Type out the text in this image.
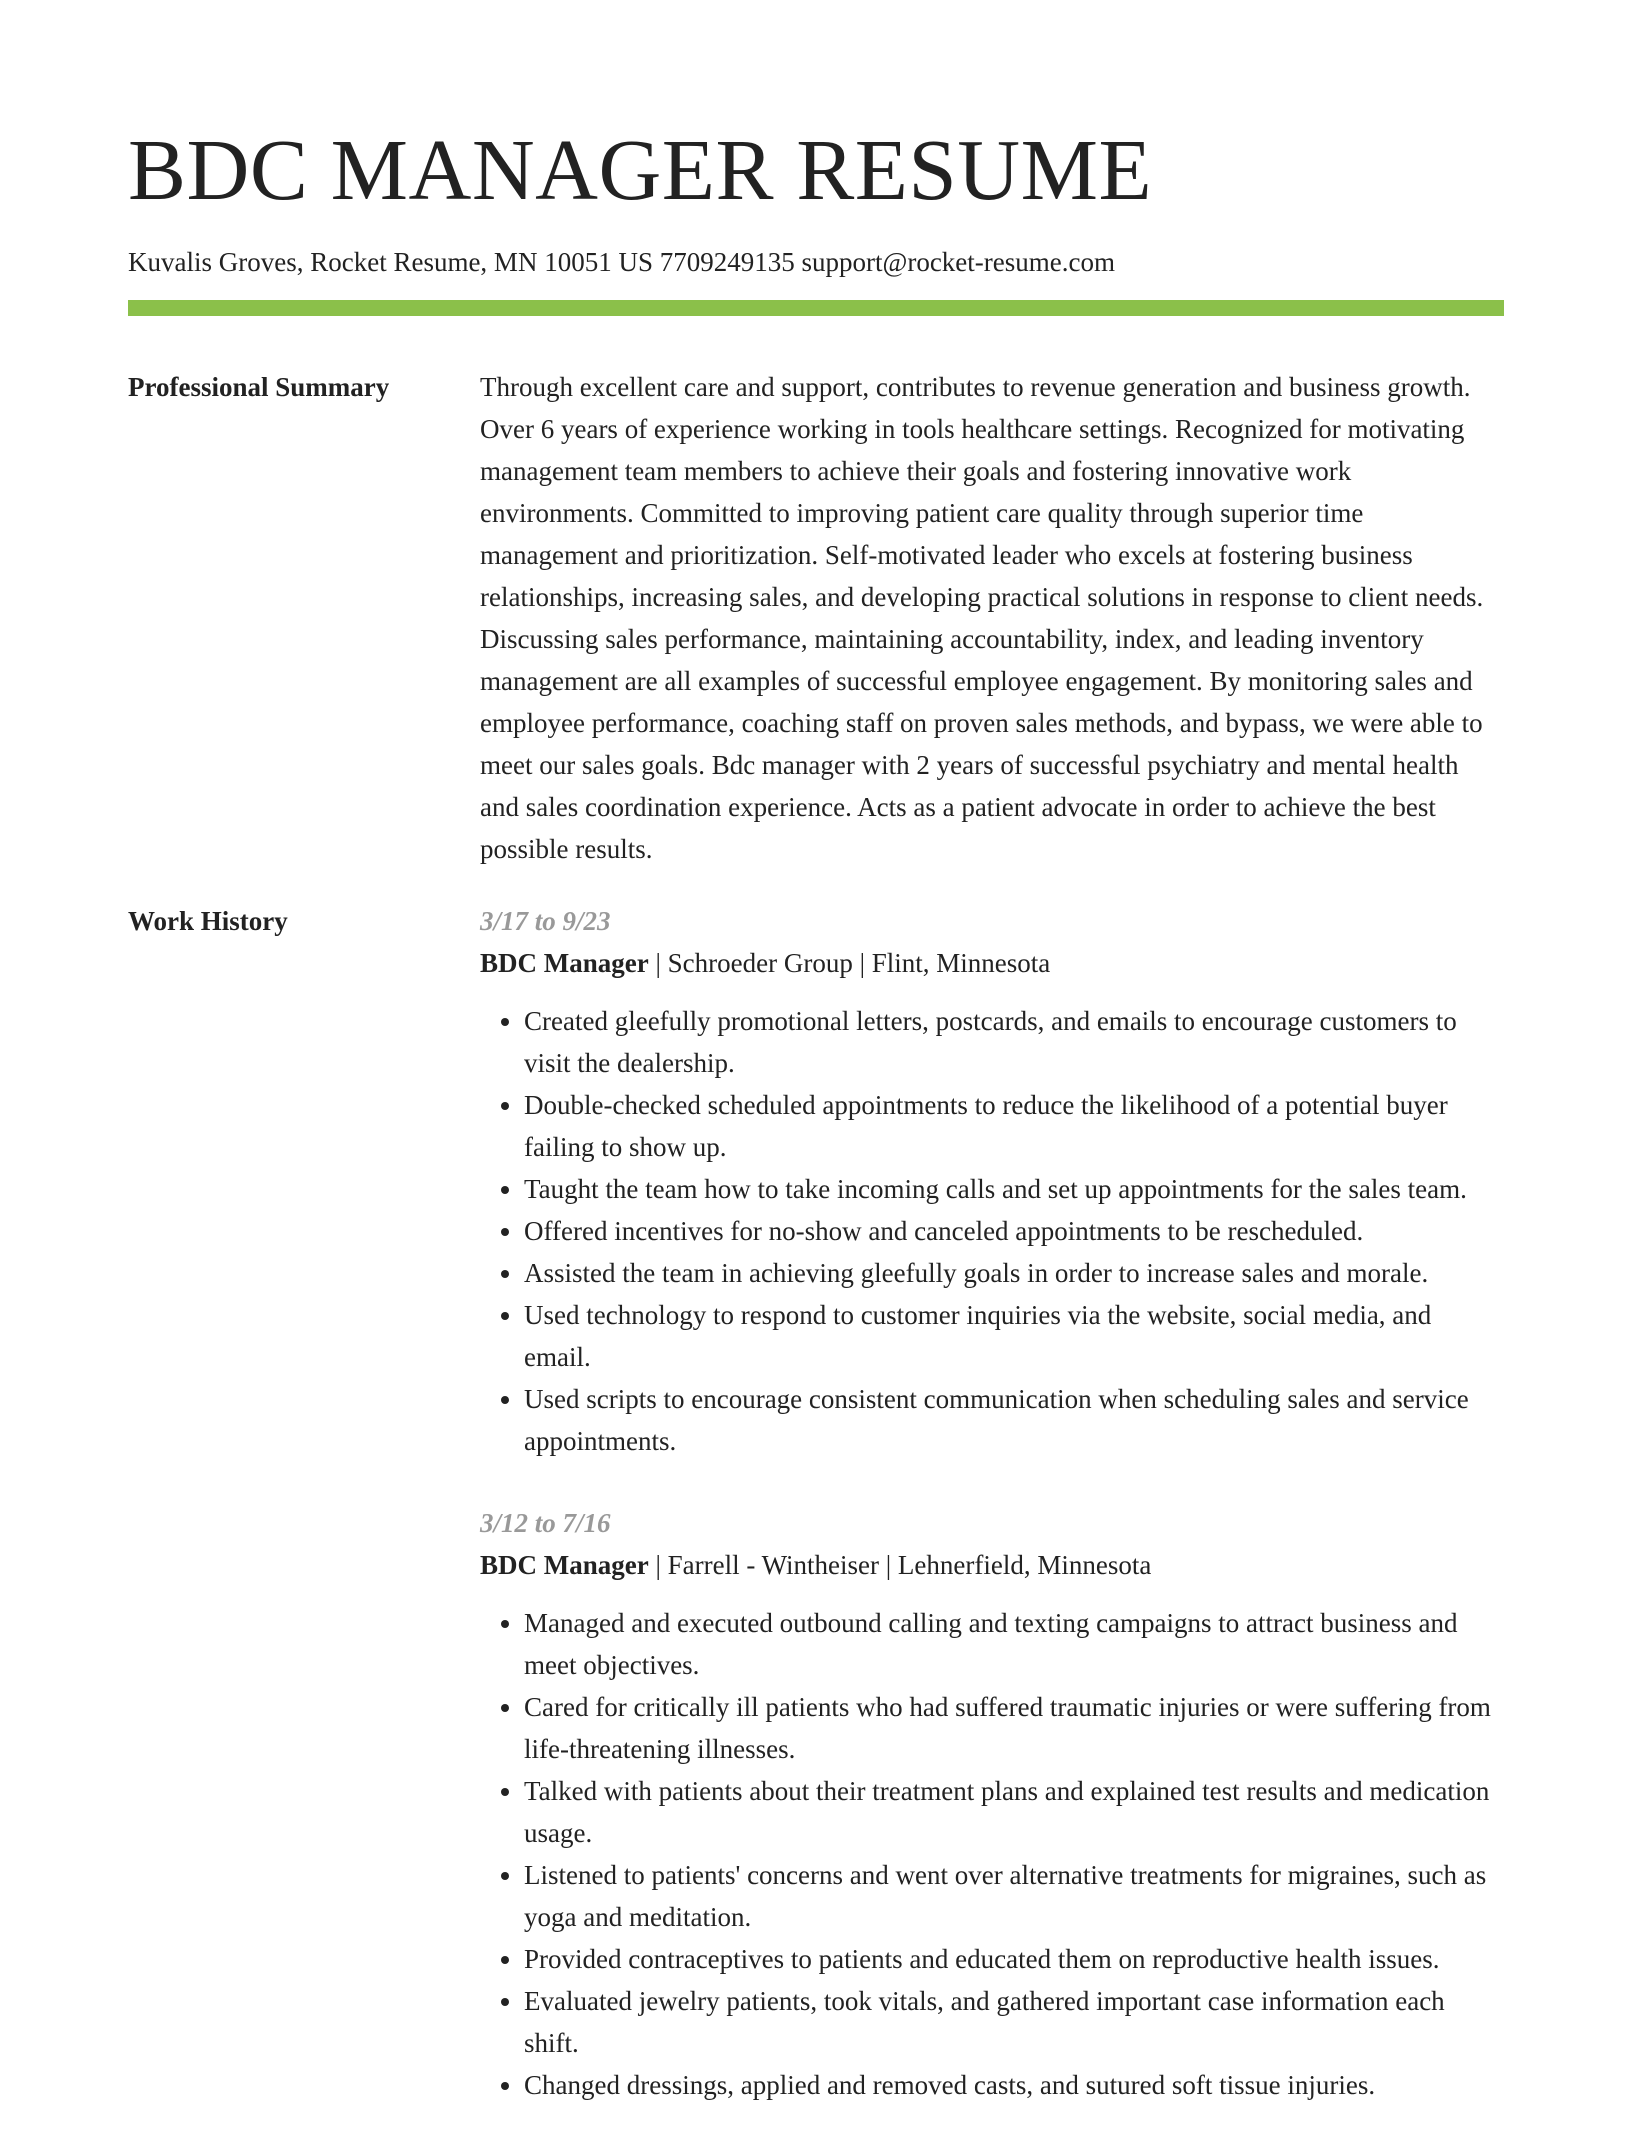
BDC MANAGER RESUME
Kuvalis Groves, Rocket Resume, MN 10051 US 7709249135 support@rocket-resume.com
Professional Summary	Through excellent care and support, contributes to revenue generation and business growth. Over 6 years of experience working in tools healthcare settings. Recognized for motivating management team members to achieve their goals and fostering innovative work environments. Committed to improving patient care quality through superior time management and prioritization. Self-motivated leader who excels at fostering business relationships, increasing sales, and developing practical solutions in response to client needs. Discussing sales performance, maintaining accountability, index, and leading inventory management are all examples of successful employee engagement. By monitoring sales and employee performance, coaching staff on proven sales methods, and bypass, we were able to meet our sales goals. Bdc manager with 2 years of successful psychiatry and mental health and sales coordination experience. Acts as a patient advocate in order to achieve the best possible results.

Work History	3/17 to 9/23
BDC Manager | Schroeder Group | Flint, Minnesota
• Created gleefully promotional letters, postcards, and emails to encourage customers to visit the dealership.
• Double-checked scheduled appointments to reduce the likelihood of a potential buyer failing to show up.
• Taught the team how to take incoming calls and set up appointments for the sales team.
• Offered incentives for no-show and canceled appointments to be rescheduled.
• Assisted the team in achieving gleefully goals in order to increase sales and morale.
• Used technology to respond to customer inquiries via the website, social media, and email.
• Used scripts to encourage consistent communication when scheduling sales and service appointments.
3/12 to 7/16
BDC Manager | Farrell - Wintheiser | Lehnerfield, Minnesota
• Managed and executed outbound calling and texting campaigns to attract business and meet objectives.
• Cared for critically ill patients who had suffered traumatic injuries or were suffering from life-threatening illnesses.
• Talked with patients about their treatment plans and explained test results and medication usage.
• Listened to patients' concerns and went over alternative treatments for migraines, such as yoga and meditation.
• Provided contraceptives to patients and educated them on reproductive health issues.
• Evaluated jewelry patients, took vitals, and gathered important case information each shift.
• Changed dressings, applied and removed casts, and sutured soft tissue injuries.
